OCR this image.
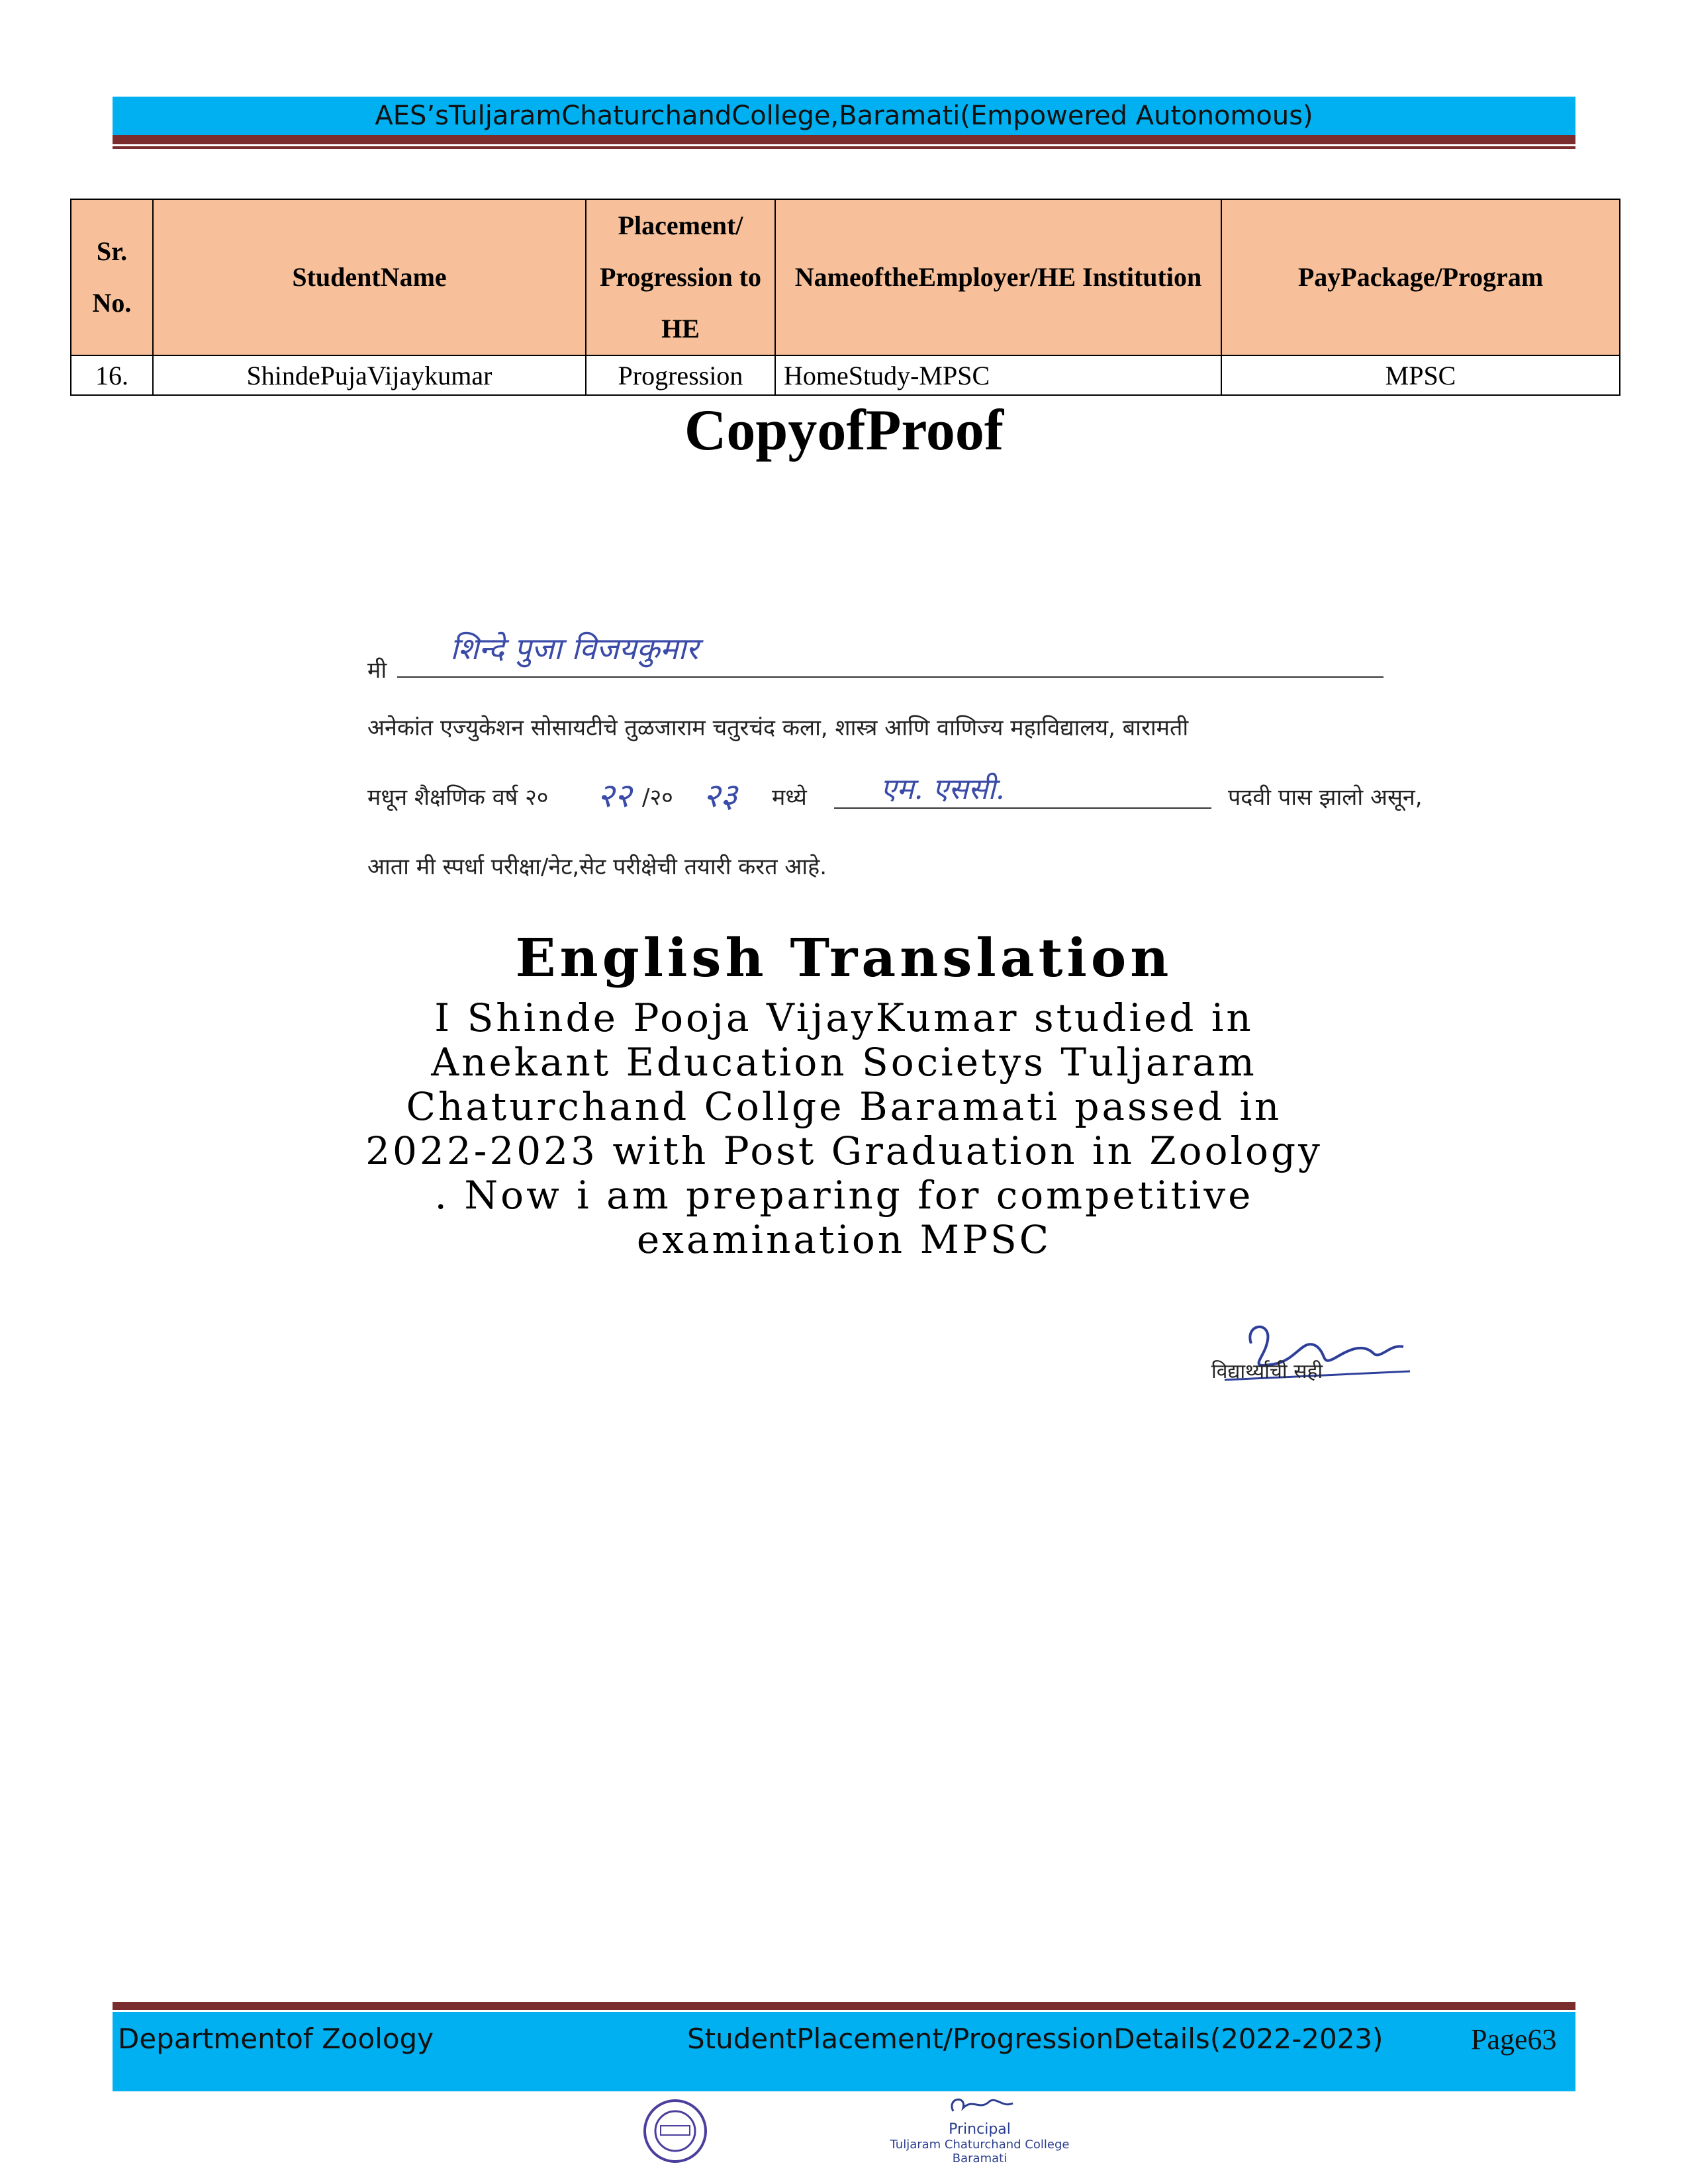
AES’sTuljaramChaturchandCollege,Baramati(Empowered Autonomous)
Sr. No.	StudentName	Placement/ Progression to HE	NameoftheEmployer/HE Institution	PayPackage/Program
16.	ShindePujaVijaykumar	Progression	HomeStudy-MPSC	MPSC
CopyofProof
मी
शिन्दे पुजा विजयकुमार
अनेकांत एज्युकेशन सोसायटीचे तुळजाराम चतुरचंद कला, शास्त्र आणि वाणिज्य महाविद्यालय, बारामती
मधून शैक्षणिक वर्ष २० २२ /२० २३ मध्ये	एम. एससी.	पदवी पास झालो असून,
आता मी स्पर्धा परीक्षा/नेट,सेट परीक्षेची तयारी करत आहे.
English Translation
I Shinde Pooja VijayKumar studied in
Anekant Education Societys Tuljaram
Chaturchand Collge Baramati passed in
2022-2023 with Post Graduation in Zoology
. Now i am preparing for competitive
examination MPSC
विद्यार्थ्याची सही
Departmentof Zoology	StudentPlacement/ProgressionDetails(2022-2023)	Page63
Principal
Tuljaram Chaturchand College
Baramati
